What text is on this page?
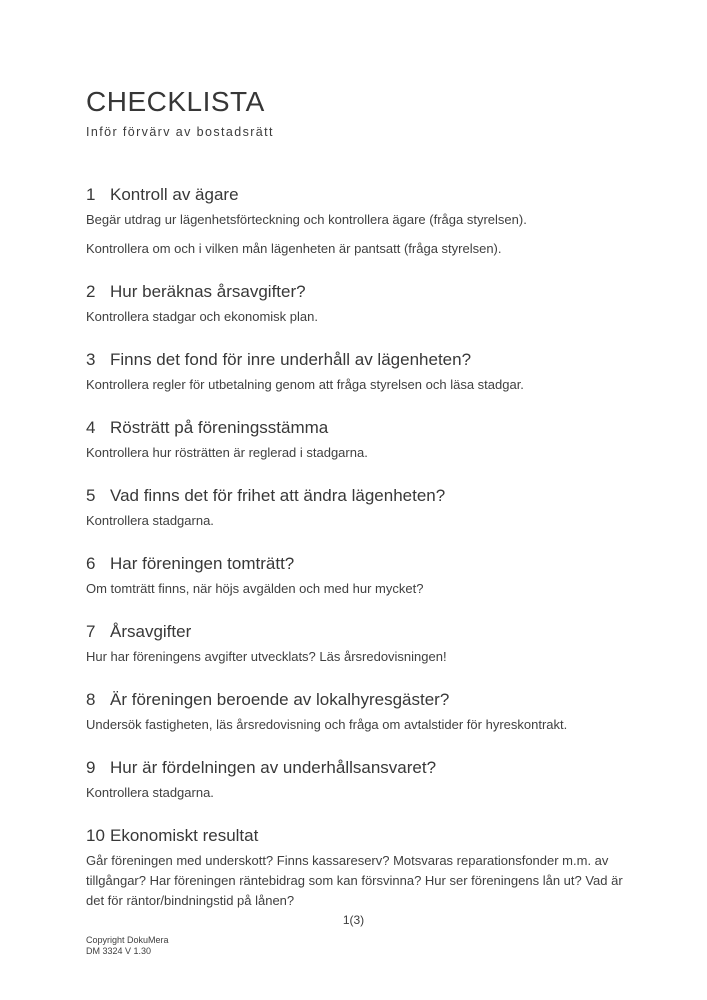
CHECKLISTA
Inför förvärv av bostadsrätt
1 Kontroll av ägare

Begär utdrag ur lägenhetsförteckning och kontrollera ägare (fråga styrelsen).

Kontrollera om och i vilken mån lägenheten är pantsatt (fråga styrelsen).

2 Hur beräknas årsavgifter?

Kontrollera stadgar och ekonomisk plan.

3 Finns det fond för inre underhåll av lägenheten?

Kontrollera regler för utbetalning genom att fråga styrelsen och läsa stadgar.

4 Rösträtt på föreningsstämma

Kontrollera hur rösträtten är reglerad i stadgarna.

5 Vad finns det för frihet att ändra lägenheten?

Kontrollera stadgarna.

6 Har föreningen tomträtt?

Om tomträtt finns, när höjs avgälden och med hur mycket?

7 Årsavgifter

Hur har föreningens avgifter utvecklats? Läs årsredovisningen!

8 Är föreningen beroende av lokalhyresgäster?

Undersök fastigheten, läs årsredovisning och fråga om avtalstider för hyreskontrakt.

9 Hur är fördelningen av underhållsansvaret?

Kontrollera stadgarna.

10 Ekonomiskt resultat

Går föreningen med underskott? Finns kassareserv? Motsvaras reparationsfonder m.m. av tillgångar? Har föreningen räntebidrag som kan försvinna? Hur ser föreningens lån ut? Vad är det för räntor/bindningstid på lånen?

1(3)
Copyright DokuMera
DM 3324 V 1.30
